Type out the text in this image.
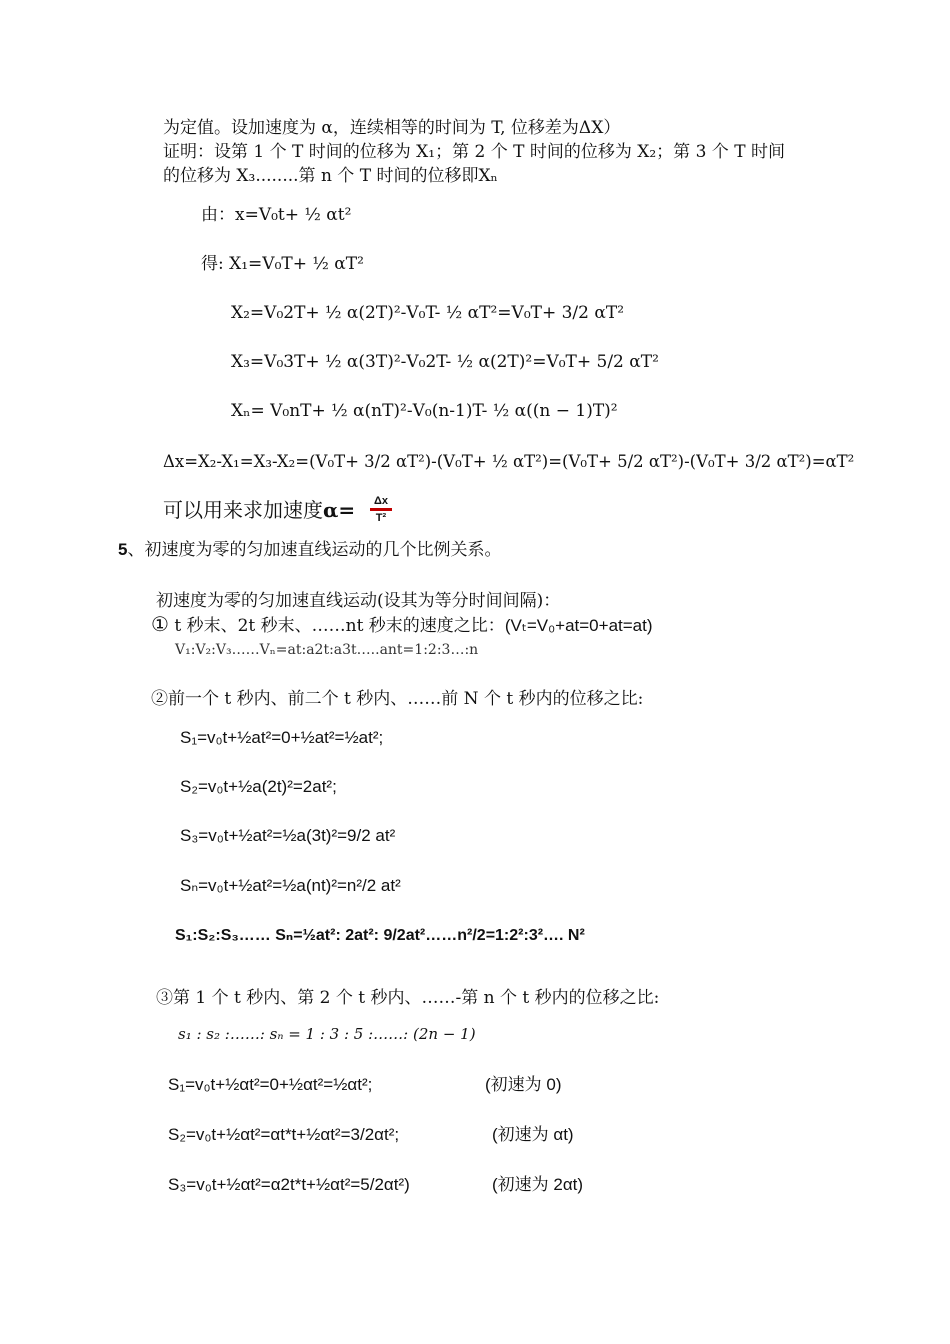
为定值。设加速度为 α，连续相等的时间为 T, 位移差为ΔX）
证明：设第 1 个 T 时间的位移为 X₁；第 2 个 T 时间的位移为 X₂；第 3 个 T 时间
的位移为 X₃........第 n 个 T 时间的位移即Xₙ
由：x=V₀t+ ½ αt²
得: X₁=V₀T+ ½ αT²
X₂=V₀2T+ ½ α(2T)²-V₀T- ½ αT²=V₀T+ 3/2 αT²
X₃=V₀3T+ ½ α(3T)²-V₀2T- ½ α(2T)²=V₀T+ 5/2 αT²
Xₙ= V₀nT+ ½ α(nT)²-V₀(n-1)T- ½ α((n − 1)T)²
Δx=X₂-X₁=X₃-X₂=(V₀T+ 3/2 αT²)-(V₀T+ ½ αT²)=(V₀T+ 5/2 αT²)-(V₀T+ 3/2 αT²)=αT²
可以用来求加速度α=	Δx
T²
5、初速度为零的匀加速直线运动的几个比例关系。
初速度为零的匀加速直线运动(设其为等分时间间隔)：
① t 秒末、2t 秒末、……nt 秒末的速度之比：(Vₜ=V₀+at=0+at=at)
V₁:V₂:V₃……Vₙ=at:a2t:a3t…..ant=1:2:3…:n
②前一个 t 秒内、前二个 t 秒内、……前 N 个 t 秒内的位移之比:
S₁=v₀t+½at²=0+½at²=½at²;
S₂=v₀t+½a(2t)²=2at²;
S₃=v₀t+½at²=½a(3t)²=9/2 at²
Sₙ=v₀t+½at²=½a(nt)²=n²/2 at²
S₁:S₂:S₃…… Sₙ=½at²: 2at²: 9/2at²……n²/2=1:2²:3²…. N²
③第 1 个 t 秒内、第 2 个 t 秒内、……-第 n 个 t 秒内的位移之比:
s₁ : s₂ :……: sₙ = 1 : 3 : 5 :……: (2n − 1)
S₁=v₀t+½αt²=0+½αt²=½αt²;	(初速为 0)
S₂=v₀t+½αt²=αt*t+½αt²=3/2αt²;	(初速为 αt)
S₃=v₀t+½αt²=α2t*t+½αt²=5/2αt²)	(初速为 2αt)
